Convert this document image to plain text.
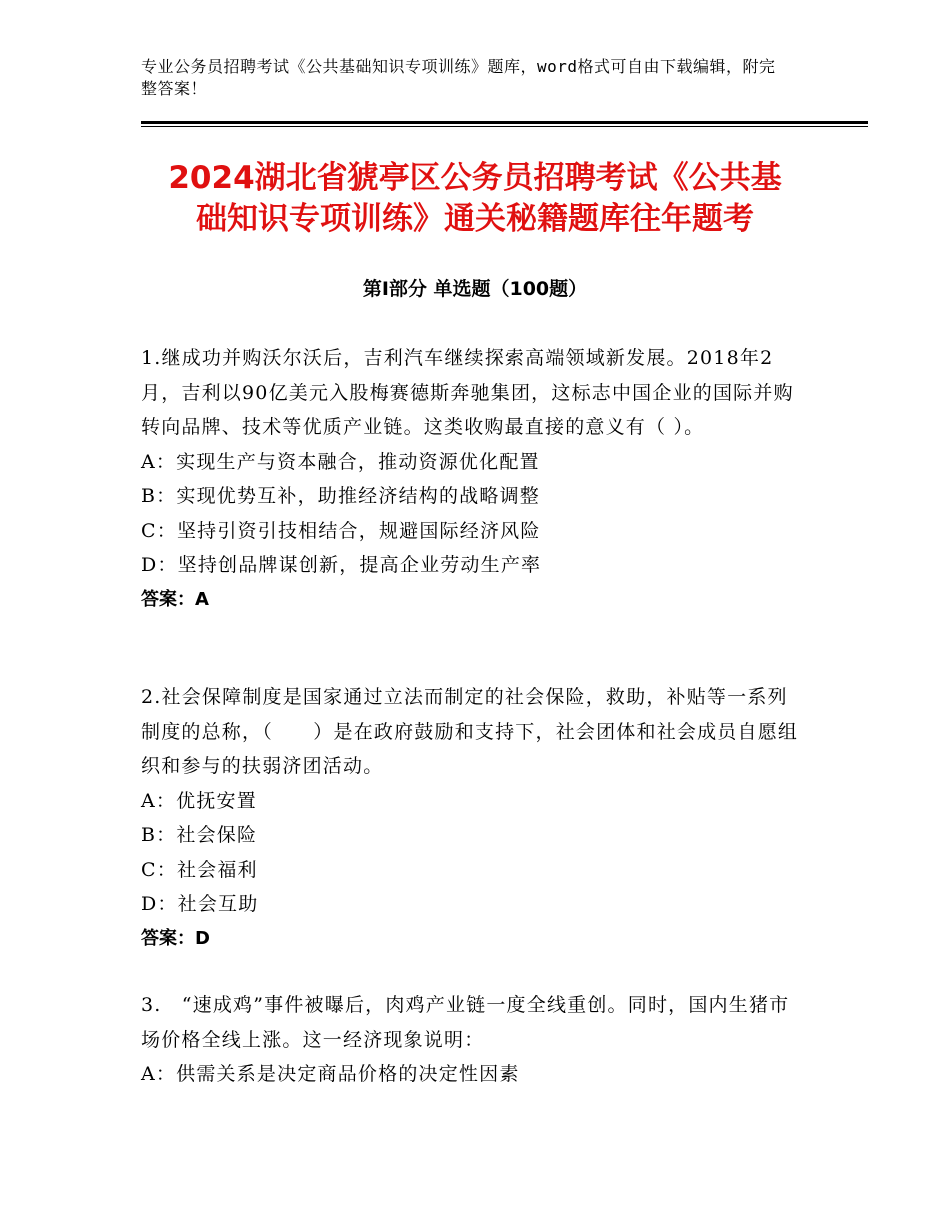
专业公务员招聘考试《公共基础知识专项训练》题库，word格式可自由下载编辑，附完整答案！
2024湖北省猇亭区公务员招聘考试《公共基
础知识专项训练》通关秘籍题库往年题考
第I部分 单选题（100题）
1.继成功并购沃尔沃后，吉利汽车继续探索高端领域新发展。2018年2月，吉利以90亿美元入股梅赛德斯奔驰集团，这标志中国企业的国际并购转向品牌、技术等优质产业链。这类收购最直接的意义有（ ）。
A：实现生产与资本融合，推动资源优化配置
B：实现优势互补，助推经济结构的战略调整
C：坚持引资引技相结合，规避国际经济风险
D：坚持创品牌谋创新，提高企业劳动生产率
答案：A
2.社会保障制度是国家通过立法而制定的社会保险，救助，补贴等一系列制度的总称，（　　）是在政府鼓励和支持下，社会团体和社会成员自愿组织和参与的扶弱济团活动。
A：优抚安置
B：社会保险
C：社会福利
D：社会互助
答案：D
3.　“速成鸡”事件被曝后，肉鸡产业链一度全线重创。同时，国内生猪市场价格全线上涨。这一经济现象说明：
A：供需关系是决定商品价格的决定性因素
